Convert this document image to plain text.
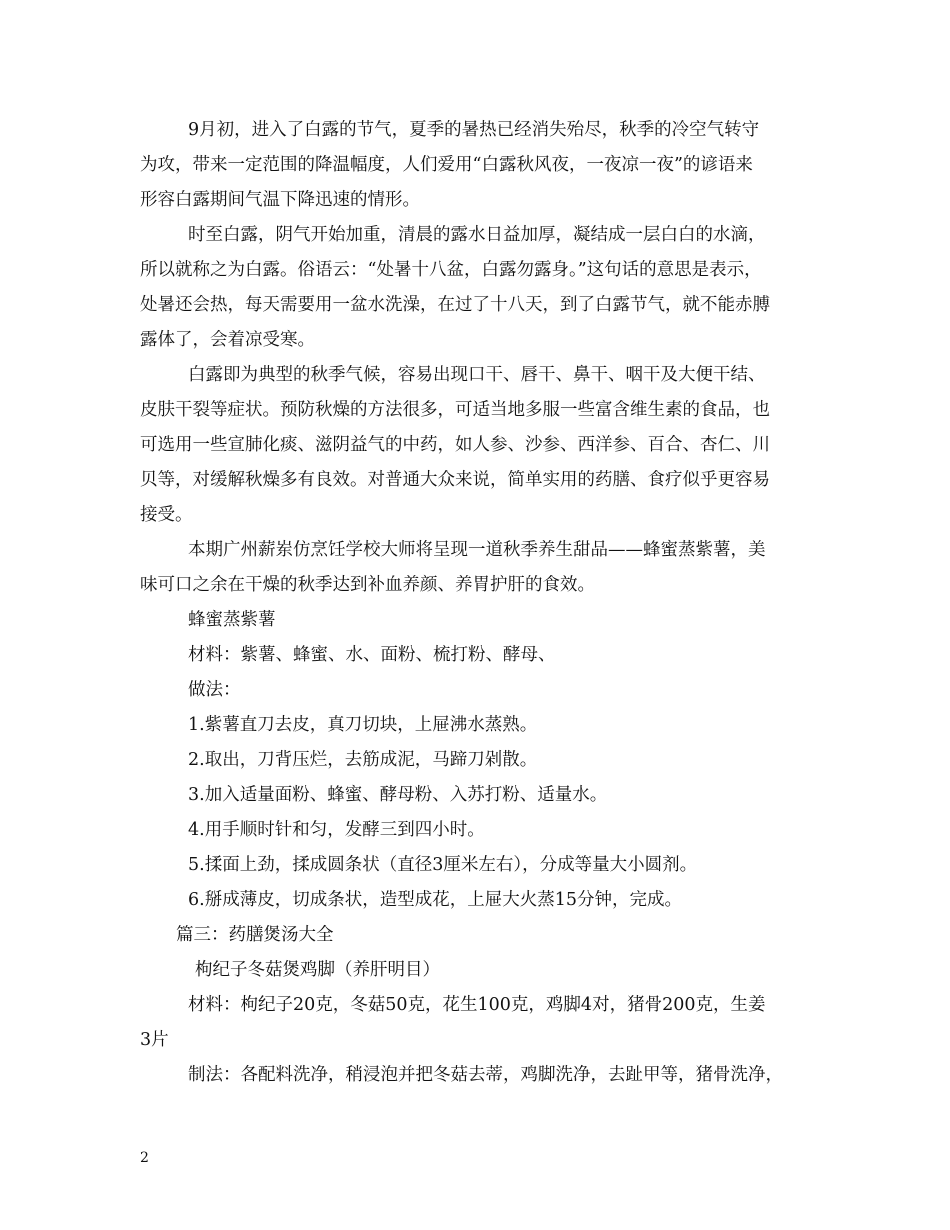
9月初，进入了白露的节气，夏季的暑热已经消失殆尽，秋季的冷空气转守
为攻，带来一定范围的降温幅度，人们爱用“白露秋风夜，一夜凉一夜”的谚语来
形容白露期间气温下降迅速的情形。
时至白露，阴气开始加重，清晨的露水日益加厚，凝结成一层白白的水滴，
所以就称之为白露。俗语云：“处暑十八盆，白露勿露身。”这句话的意思是表示，
处暑还会热，每天需要用一盆水洗澡，在过了十八天，到了白露节气，就不能赤膊
露体了，会着凉受寒。
白露即为典型的秋季气候，容易出现口干、唇干、鼻干、咽干及大便干结、
皮肤干裂等症状。预防秋燥的方法很多，可适当地多服一些富含维生素的食品，也
可选用一些宣肺化痰、滋阴益气的中药，如人参、沙参、西洋参、百合、杏仁、川
贝等，对缓解秋燥多有良效。对普通大众来说，简单实用的药膳、食疗似乎更容易
接受。
本期广州薪岽仿烹饪学校大师将呈现一道秋季养生甜品——蜂蜜蒸紫薯，美
味可口之余在干燥的秋季达到补血养颜、养胃护肝的食效。
蜂蜜蒸紫薯
材料：紫薯、蜂蜜、水、面粉、梳打粉、酵母、
做法：
1.紫薯直刀去皮，真刀切块，上屉沸水蒸熟。
2.取出，刀背压烂，去筋成泥，马蹄刀剁散。
3.加入适量面粉、蜂蜜、酵母粉、入苏打粉、适量水。
4.用手顺时针和匀，发酵三到四小时。
5.揉面上劲，揉成圆条状（直径3厘米左右），分成等量大小圆剂。
6.掰成薄皮，切成条状，造型成花，上屉大火蒸15分钟，完成。
篇三：药膳煲汤大全
枸纪子冬菇煲鸡脚（养肝明目）
材料：枸纪子20克，冬菇50克，花生100克，鸡脚4对，猪骨200克，生姜
3片
制法：各配料洗净，稍浸泡并把冬菇去蒂，鸡脚洗净，去趾甲等，猪骨洗净，
2
